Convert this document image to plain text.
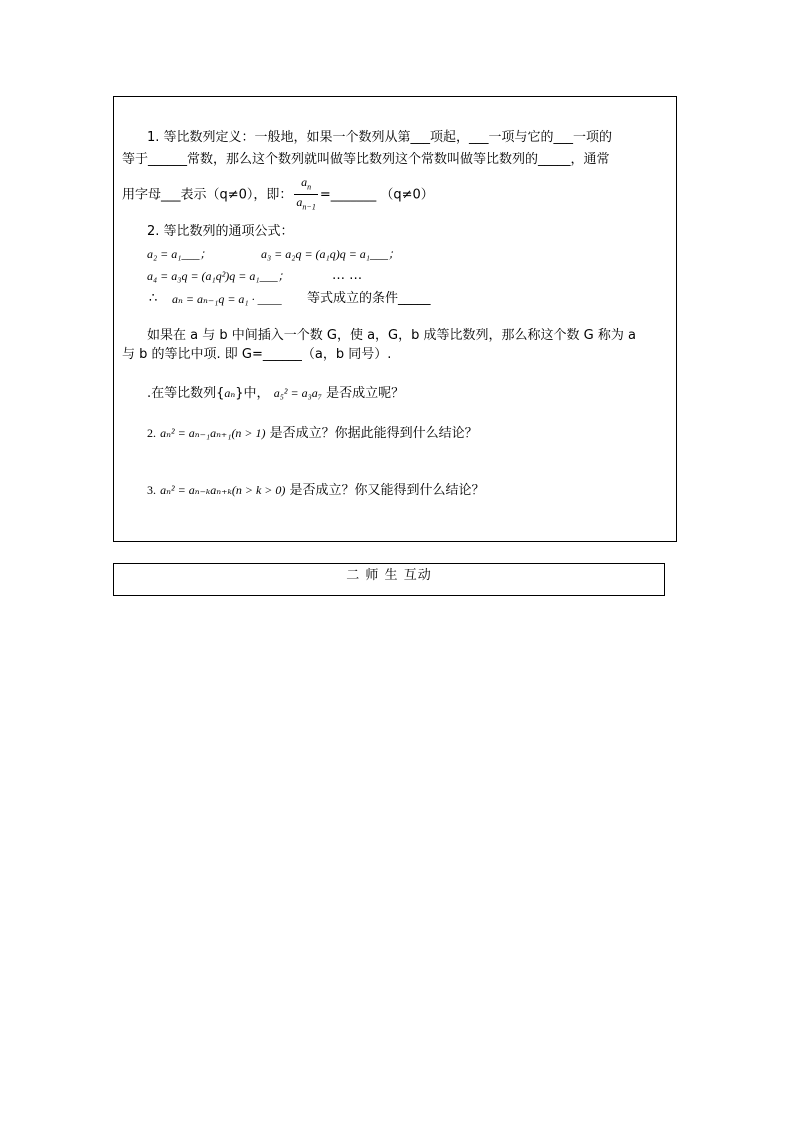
1. 等比数列定义：一般地，如果一个数列从第___项起，___一项与它的___一项的
等于______常数，那么这个数列就叫做等比数列这个常数叫做等比数列的_____，通常
用字母___表示（q≠0），即： $\frac{a_n}{a_{n-1}}$ =_______ （q≠0）
2. 等比数列的通项公式：
a₂ = a₁___；	a₃ = a₂q = (a₁q)q = a₁___；
a₄ = a₃q = (a₁q²)q = a₁___；	… …
∴ aₙ = aₙ₋₁q = a₁ · ____ 等式成立的条件_____
如果在 a 与 b 中间插入一个数 G，使 a，G，b 成等比数列，那么称这个数 G 称为 a
与 b 的等比中项. 即 G=______（a，b 同号）.
.在等比数列{aₙ}中， a₅² = a₃a₇ 是否成立呢？
2. aₙ² = aₙ₋₁aₙ₊₁(n > 1) 是否成立？你据此能得到什么结论？
3. aₙ² = aₙ₋ₖaₙ₊ₖ(n > k > 0) 是否成立？你又能得到什么结论？
二 师 生 互动
